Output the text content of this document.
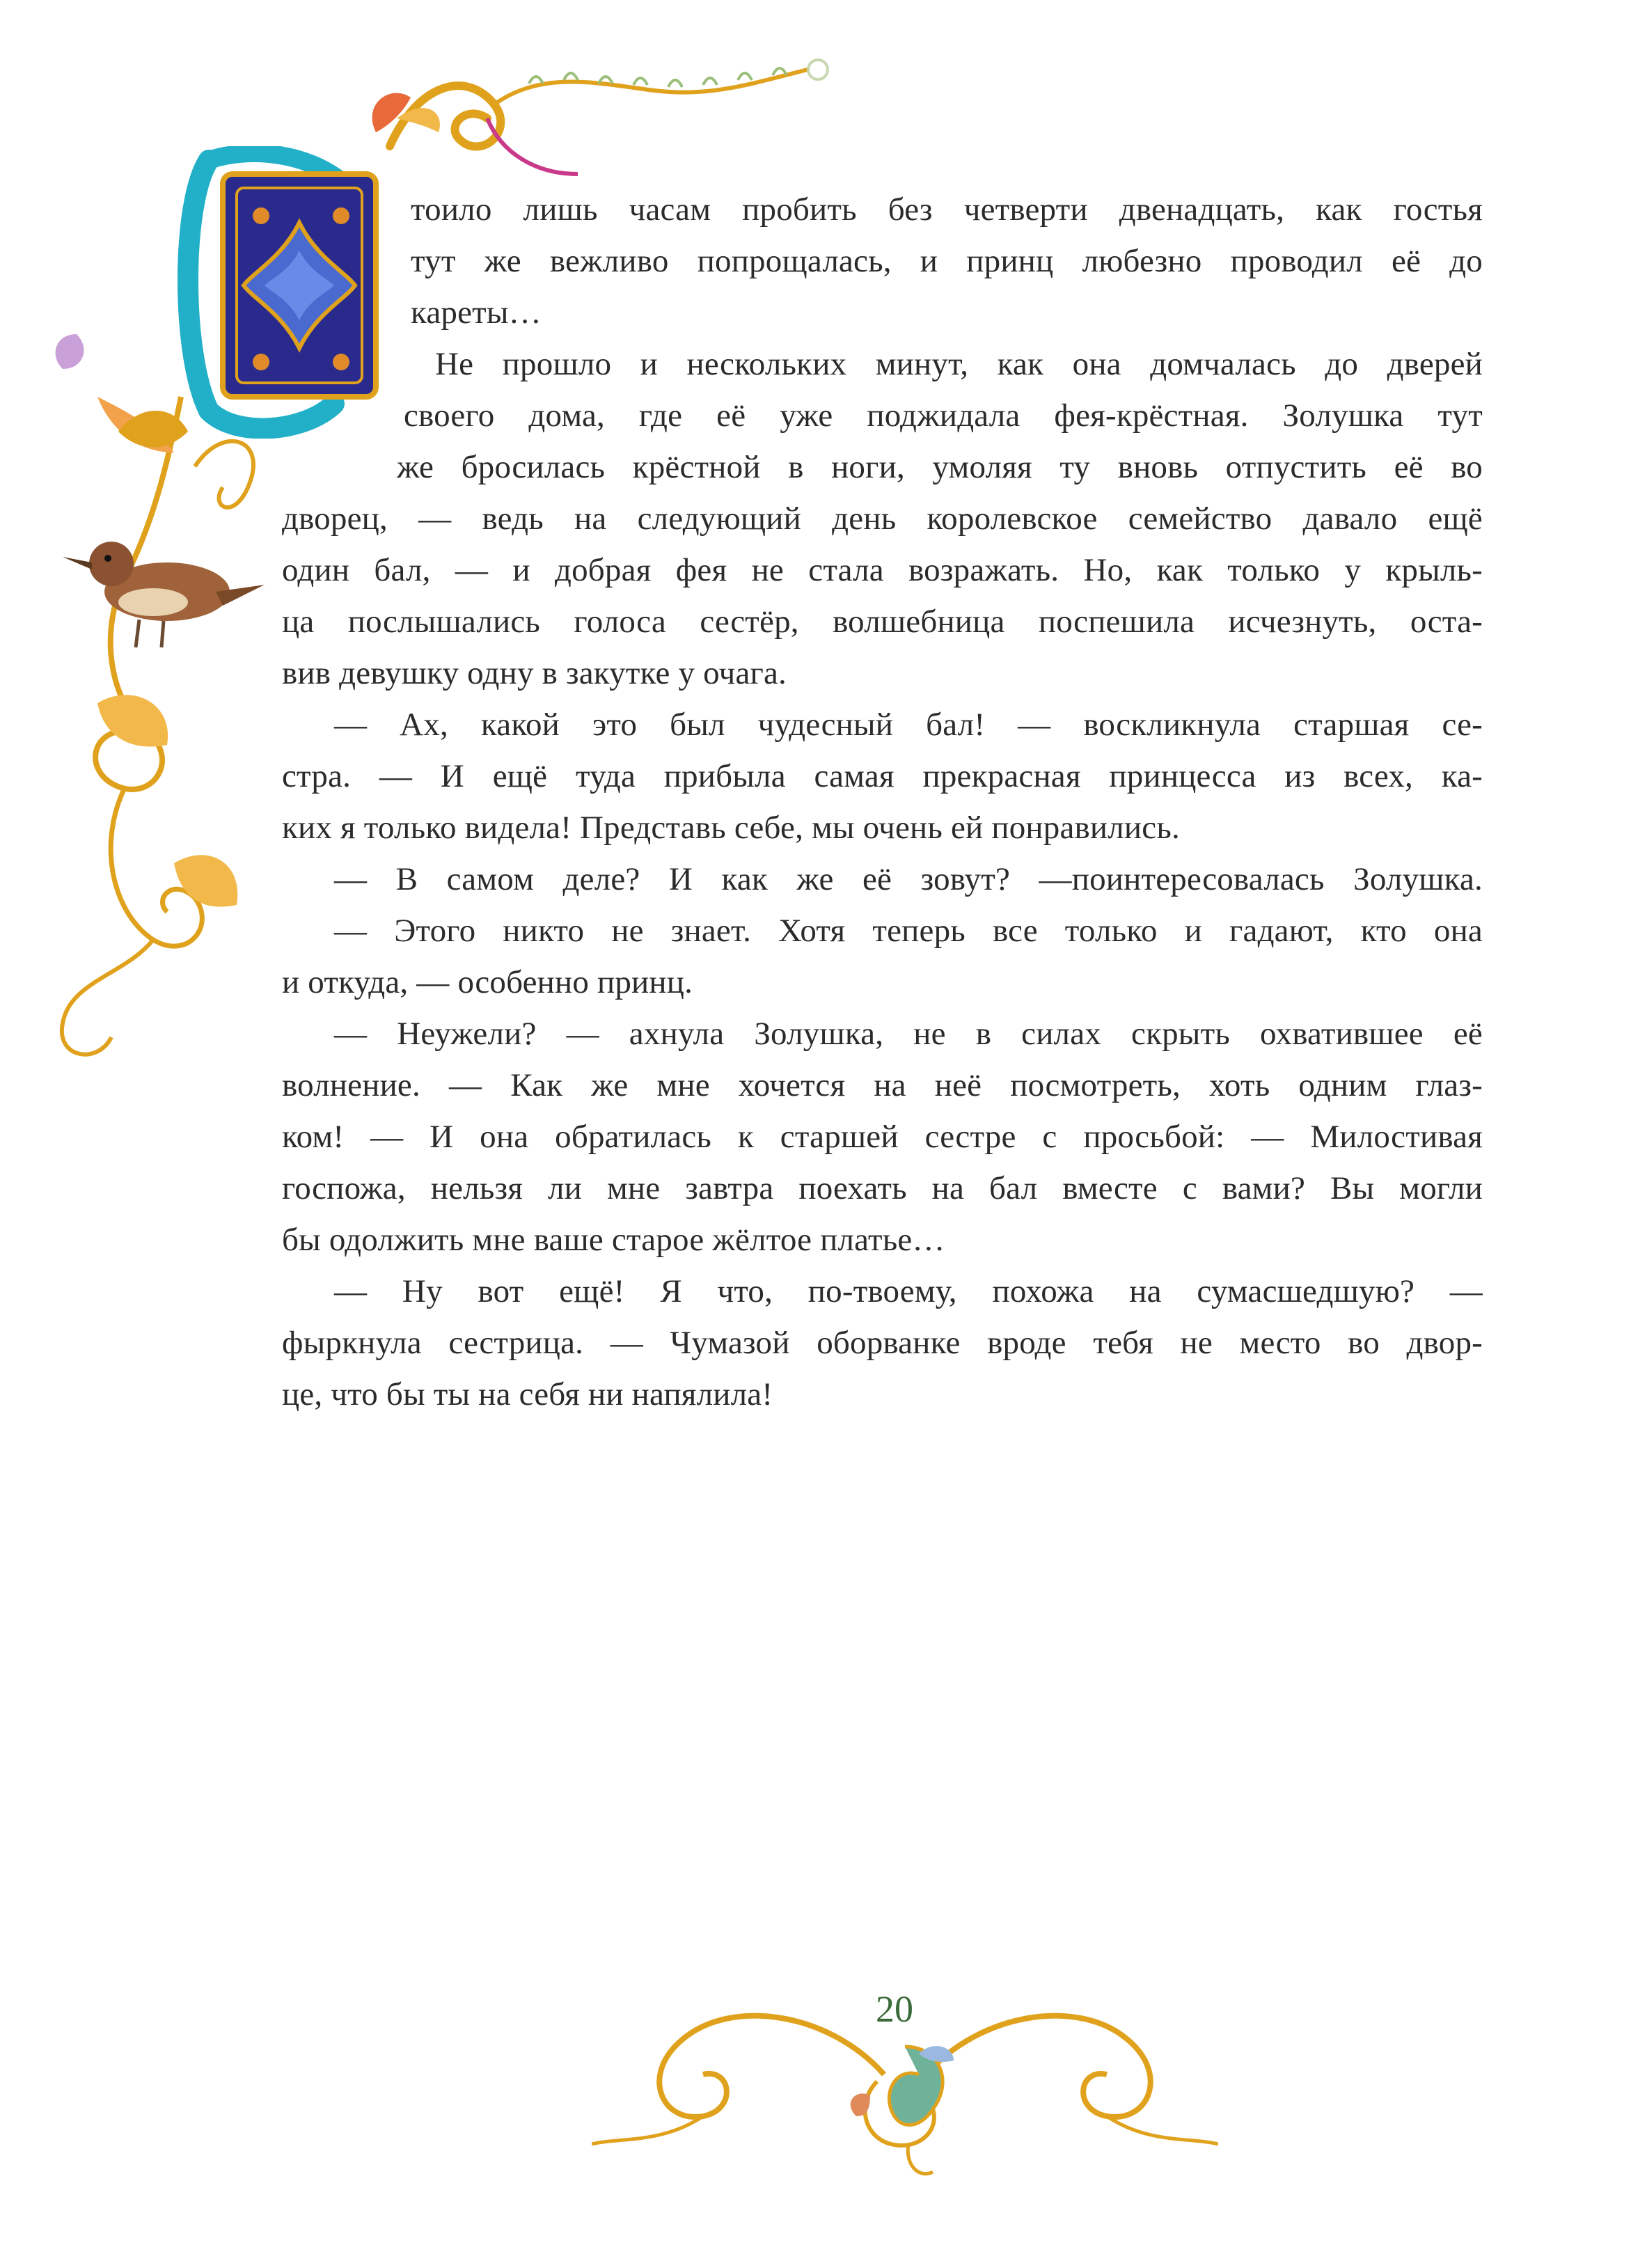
тоило лишь часам пробить без четверти двенадцать, как гостья
тут же вежливо попрощалась, и принц любезно проводил её до
кареты…
Не прошло и нескольких минут, как она домчалась до дверей
своего дома, где её уже поджидала фея-крёстная. Золушка тут
же бросилась крёстной в ноги, умоляя ту вновь отпустить её во
дворец, — ведь на следующий день королевское семейство давало ещё
один бал, — и добрая фея не стала возражать. Но, как только у крыль-
ца послышались голоса сестёр, волшебница поспешила исчезнуть, оста-
вив девушку одну в закутке у очага.
— Ах, какой это был чудесный бал! — воскликнула старшая се-
стра. — И ещё туда прибыла самая прекрасная принцесса из всех, ка-
ких я только видела! Представь себе, мы очень ей понравились.
— В самом деле? И как же её зовут? —поинтересовалась Золушка.
— Этого никто не знает. Хотя теперь все только и гадают, кто она
и откуда, — особенно принц.
— Неужели? — ахнула Золушка, не в силах скрыть охватившее её
волнение. — Как же мне хочется на неё посмотреть, хоть одним глаз-
ком! — И она обратилась к старшей сестре с просьбой: — Милостивая
госпожа, нельзя ли мне завтра поехать на бал вместе с вами? Вы могли
бы одолжить мне ваше старое жёлтое платье…
— Ну вот ещё! Я что, по-твоему, похожа на сумасшедшую? —
фыркнула сестрица. — Чумазой оборванке вроде тебя не место во двор-
це, что бы ты на себя ни напялила!
20
